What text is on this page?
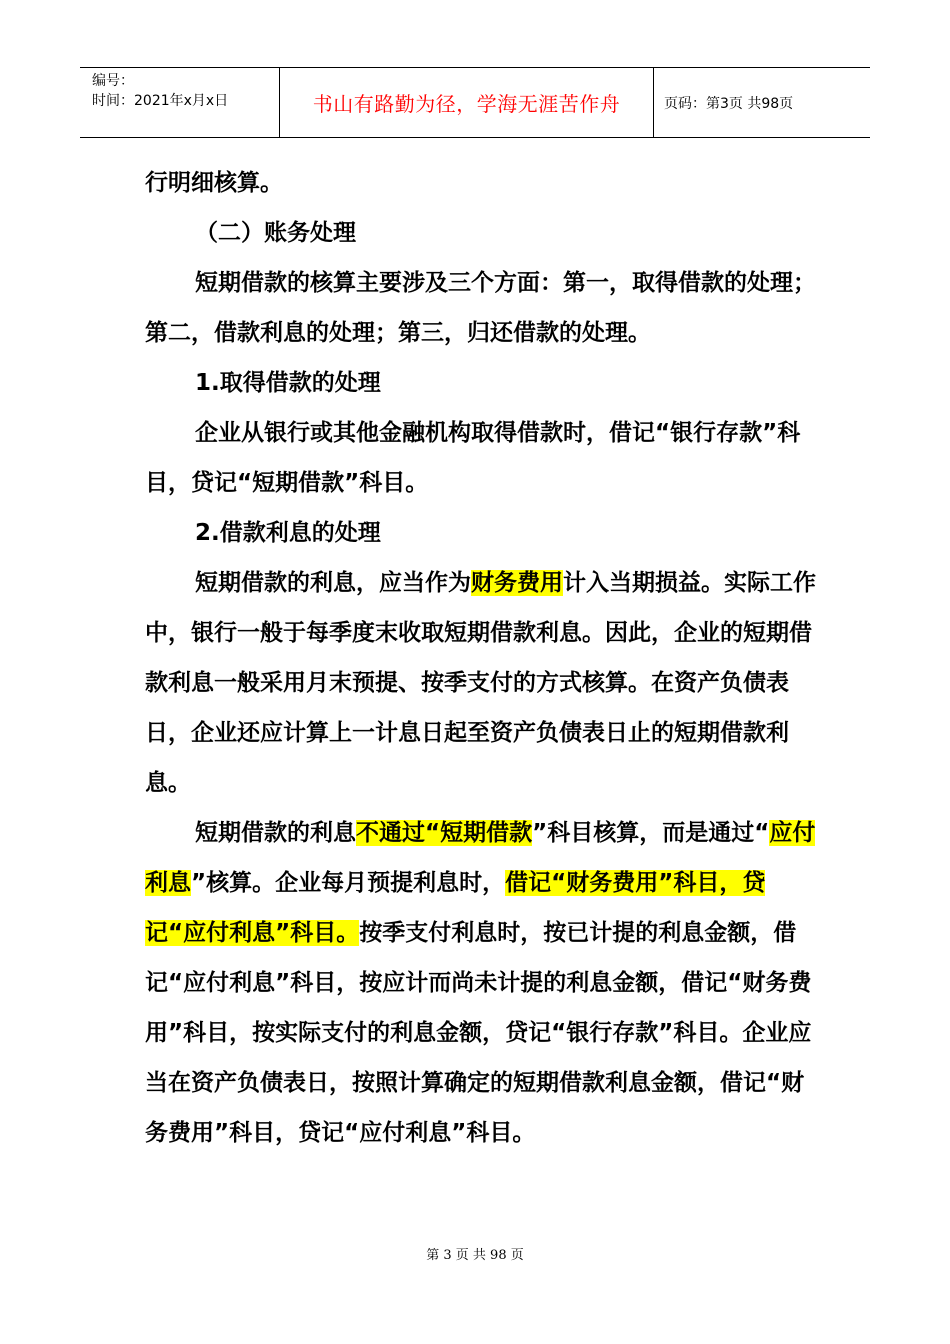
编号：
时间：2021年x月x日	书山有路勤为径，学海无涯苦作舟	页码：第3页 共98页

行明细核算。

（二）账务处理

短期借款的核算主要涉及三个方面：第一，取得借款的处理；第二，借款利息的处理；第三，归还借款的处理。

1.取得借款的处理

企业从银行或其他金融机构取得借款时，借记“银行存款”科目，贷记“短期借款”科目。

2.借款利息的处理

短期借款的利息，应当作为财务费用计入当期损益。实际工作中，银行一般于每季度末收取短期借款利息。因此，企业的短期借款利息一般采用月末预提、按季支付的方式核算。在资产负债表日，企业还应计算上一计息日起至资产负债表日止的短期借款利息。

短期借款的利息不通过“短期借款”科目核算，而是通过“应付利息”核算。企业每月预提利息时，借记“财务费用”科目，贷记“应付利息”科目。按季支付利息时，按已计提的利息金额，借记“应付利息”科目，按应计而尚未计提的利息金额，借记“财务费用”科目，按实际支付的利息金额，贷记“银行存款”科目。企业应当在资产负债表日，按照计算确定的短期借款利息金额，借记“财务费用”科目，贷记“应付利息”科目。

第 3 页 共 98 页
